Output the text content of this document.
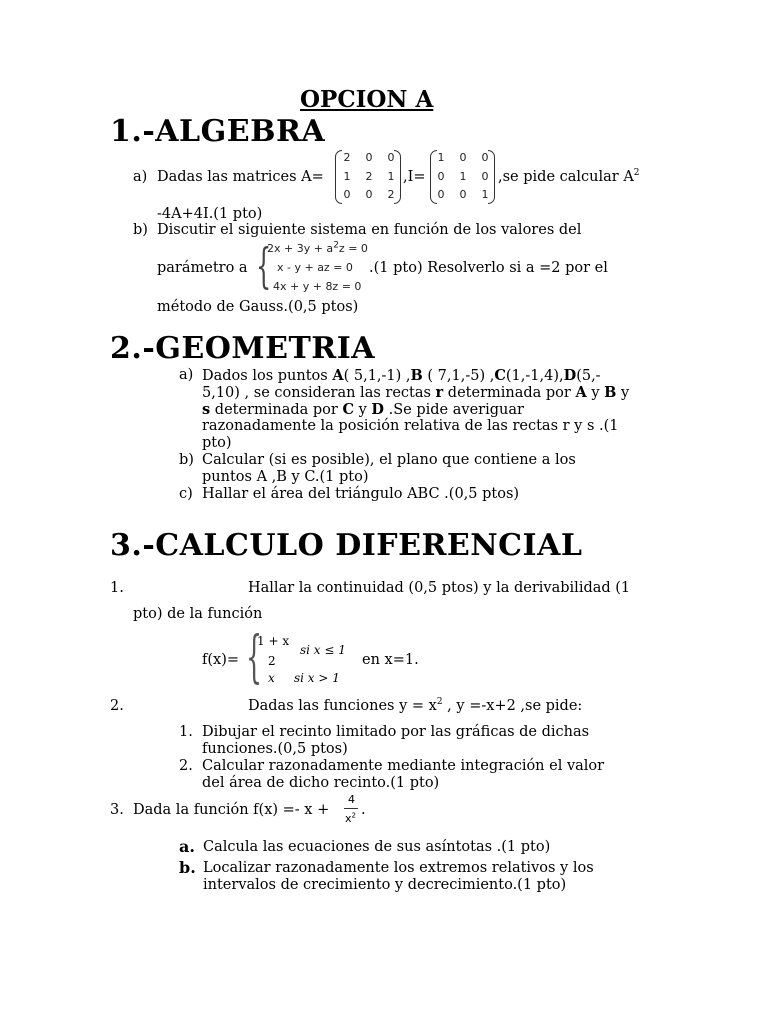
OPCION A
1.-ALGEBRA
a) Dadas las matrices A=
2	0	0
1	2	1
0	0	2
,I=
1	0	0
0	1	0
0	0	1
,se pide calcular $A^2$
-4A+4I.(1 pto)
b) Discutir el siguiente sistema en función de los valores del
parámetro a {
$2x + 3y + a^2z = 0$
x - y + az = 0
4x + y + 8z = 0
.(1 pto) Resolverlo si a =2 por el
método de Gauss.(0,5 ptos)
2.-GEOMETRIA
a) Dados los puntos A( 5,1,-1) ,B ( 7,1,-5) ,C(1,-1,4),D(5,-
5,10) , se consideran las rectas r determinada por A y B y
s determinada por C y D .Se pide averiguar
razonadamente la posición relativa de las rectas r y s .(1
pto)
b) Calcular (si es posible), el plano que contiene a los
puntos A ,B y C.(1 pto)
c) Hallar el área del triángulo ABC .(0,5 ptos)
3.-CALCULO DIFERENCIAL
1.	Hallar la continuidad (0,5 ptos) y la derivabilidad (1
pto) de la función
f(x)= {
1 + x
si x ≤ 1
2
x si x > 1
en x=1.
2.	Dadas las funciones $y = x^2$ , y =-x+2 ,se pide:
1. Dibujar el recinto limitado por las gráficas de dichas
funciones.(0,5 ptos)
2. Calcular razonadamente mediante integración el valor
del área de dicho recinto.(1 pto)
3. Dada la función f(x) =- x +
4
$x^2$ .
a. Calcula las ecuaciones de sus asíntotas .(1 pto)
b. Localizar razonadamente los extremos relativos y los
intervalos de crecimiento y decrecimiento.(1 pto)
